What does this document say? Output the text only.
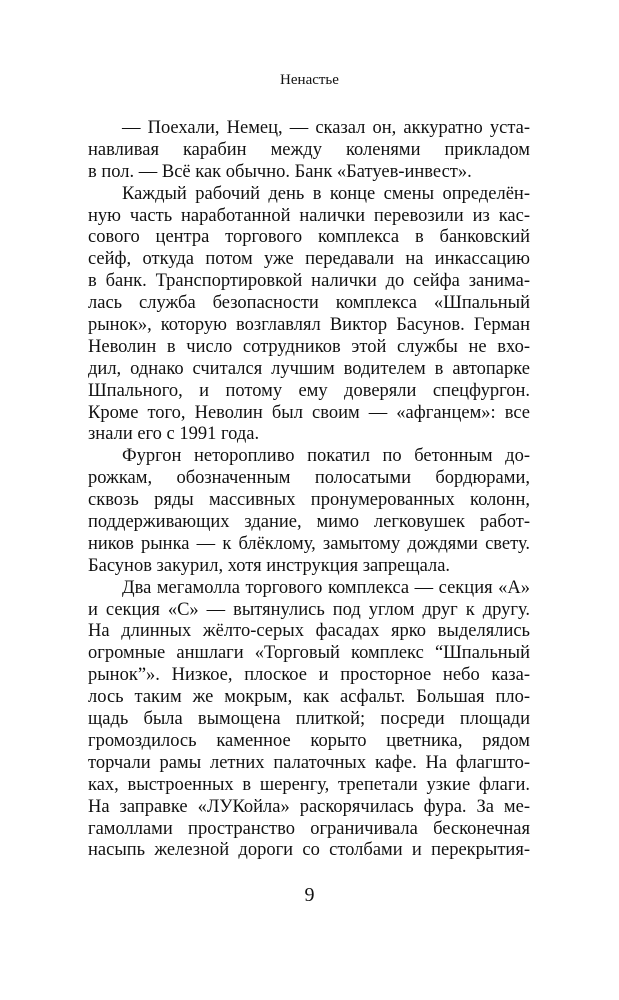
Ненастье
— Поехали, Немец, — сказал он, аккуратно уста-
навливая карабин между коленями прикладом
в пол. — Всё как обычно. Банк «Батуев-инвест».
Каждый рабочий день в конце смены определён-
ную часть наработанной налички перевозили из кас-
сового центра торгового комплекса в банковский
сейф, откуда потом уже передавали на инкассацию
в банк. Транспортировкой налички до сейфа занима-
лась служба безопасности комплекса «Шпальный
рынок», которую возглавлял Виктор Басунов. Герман
Неволин в число сотрудников этой службы не вхо-
дил, однако считался лучшим водителем в автопарке
Шпального, и потому ему доверяли спецфургон.
Кроме того, Неволин был своим — «афганцем»: все
знали его с 1991 года.
Фургон неторопливо покатил по бетонным до-
рожкам, обозначенным полосатыми бордюрами,
сквозь ряды массивных пронумерованных колонн,
поддерживающих здание, мимо легковушек работ-
ников рынка — к блёклому, замытому дождями свету.
Басунов закурил, хотя инструкция запрещала.
Два мегамолла торгового комплекса — секция «А»
и секция «С» — вытянулись под углом друг к другу.
На длинных жёлто-серых фасадах ярко выделялись
огромные аншлаги «Торговый комплекс “Шпальный
рынок”». Низкое, плоское и просторное небо каза-
лось таким же мокрым, как асфальт. Большая пло-
щадь была вымощена плиткой; посреди площади
громоздилось каменное корыто цветника, рядом
торчали рамы летних палаточных кафе. На флагшто-
ках, выстроенных в шеренгу, трепетали узкие флаги.
На заправке «ЛУКойла» раскорячилась фура. За ме-
гамоллами пространство ограничивала бесконечная
насыпь железной дороги со столбами и перекрытия-
9
